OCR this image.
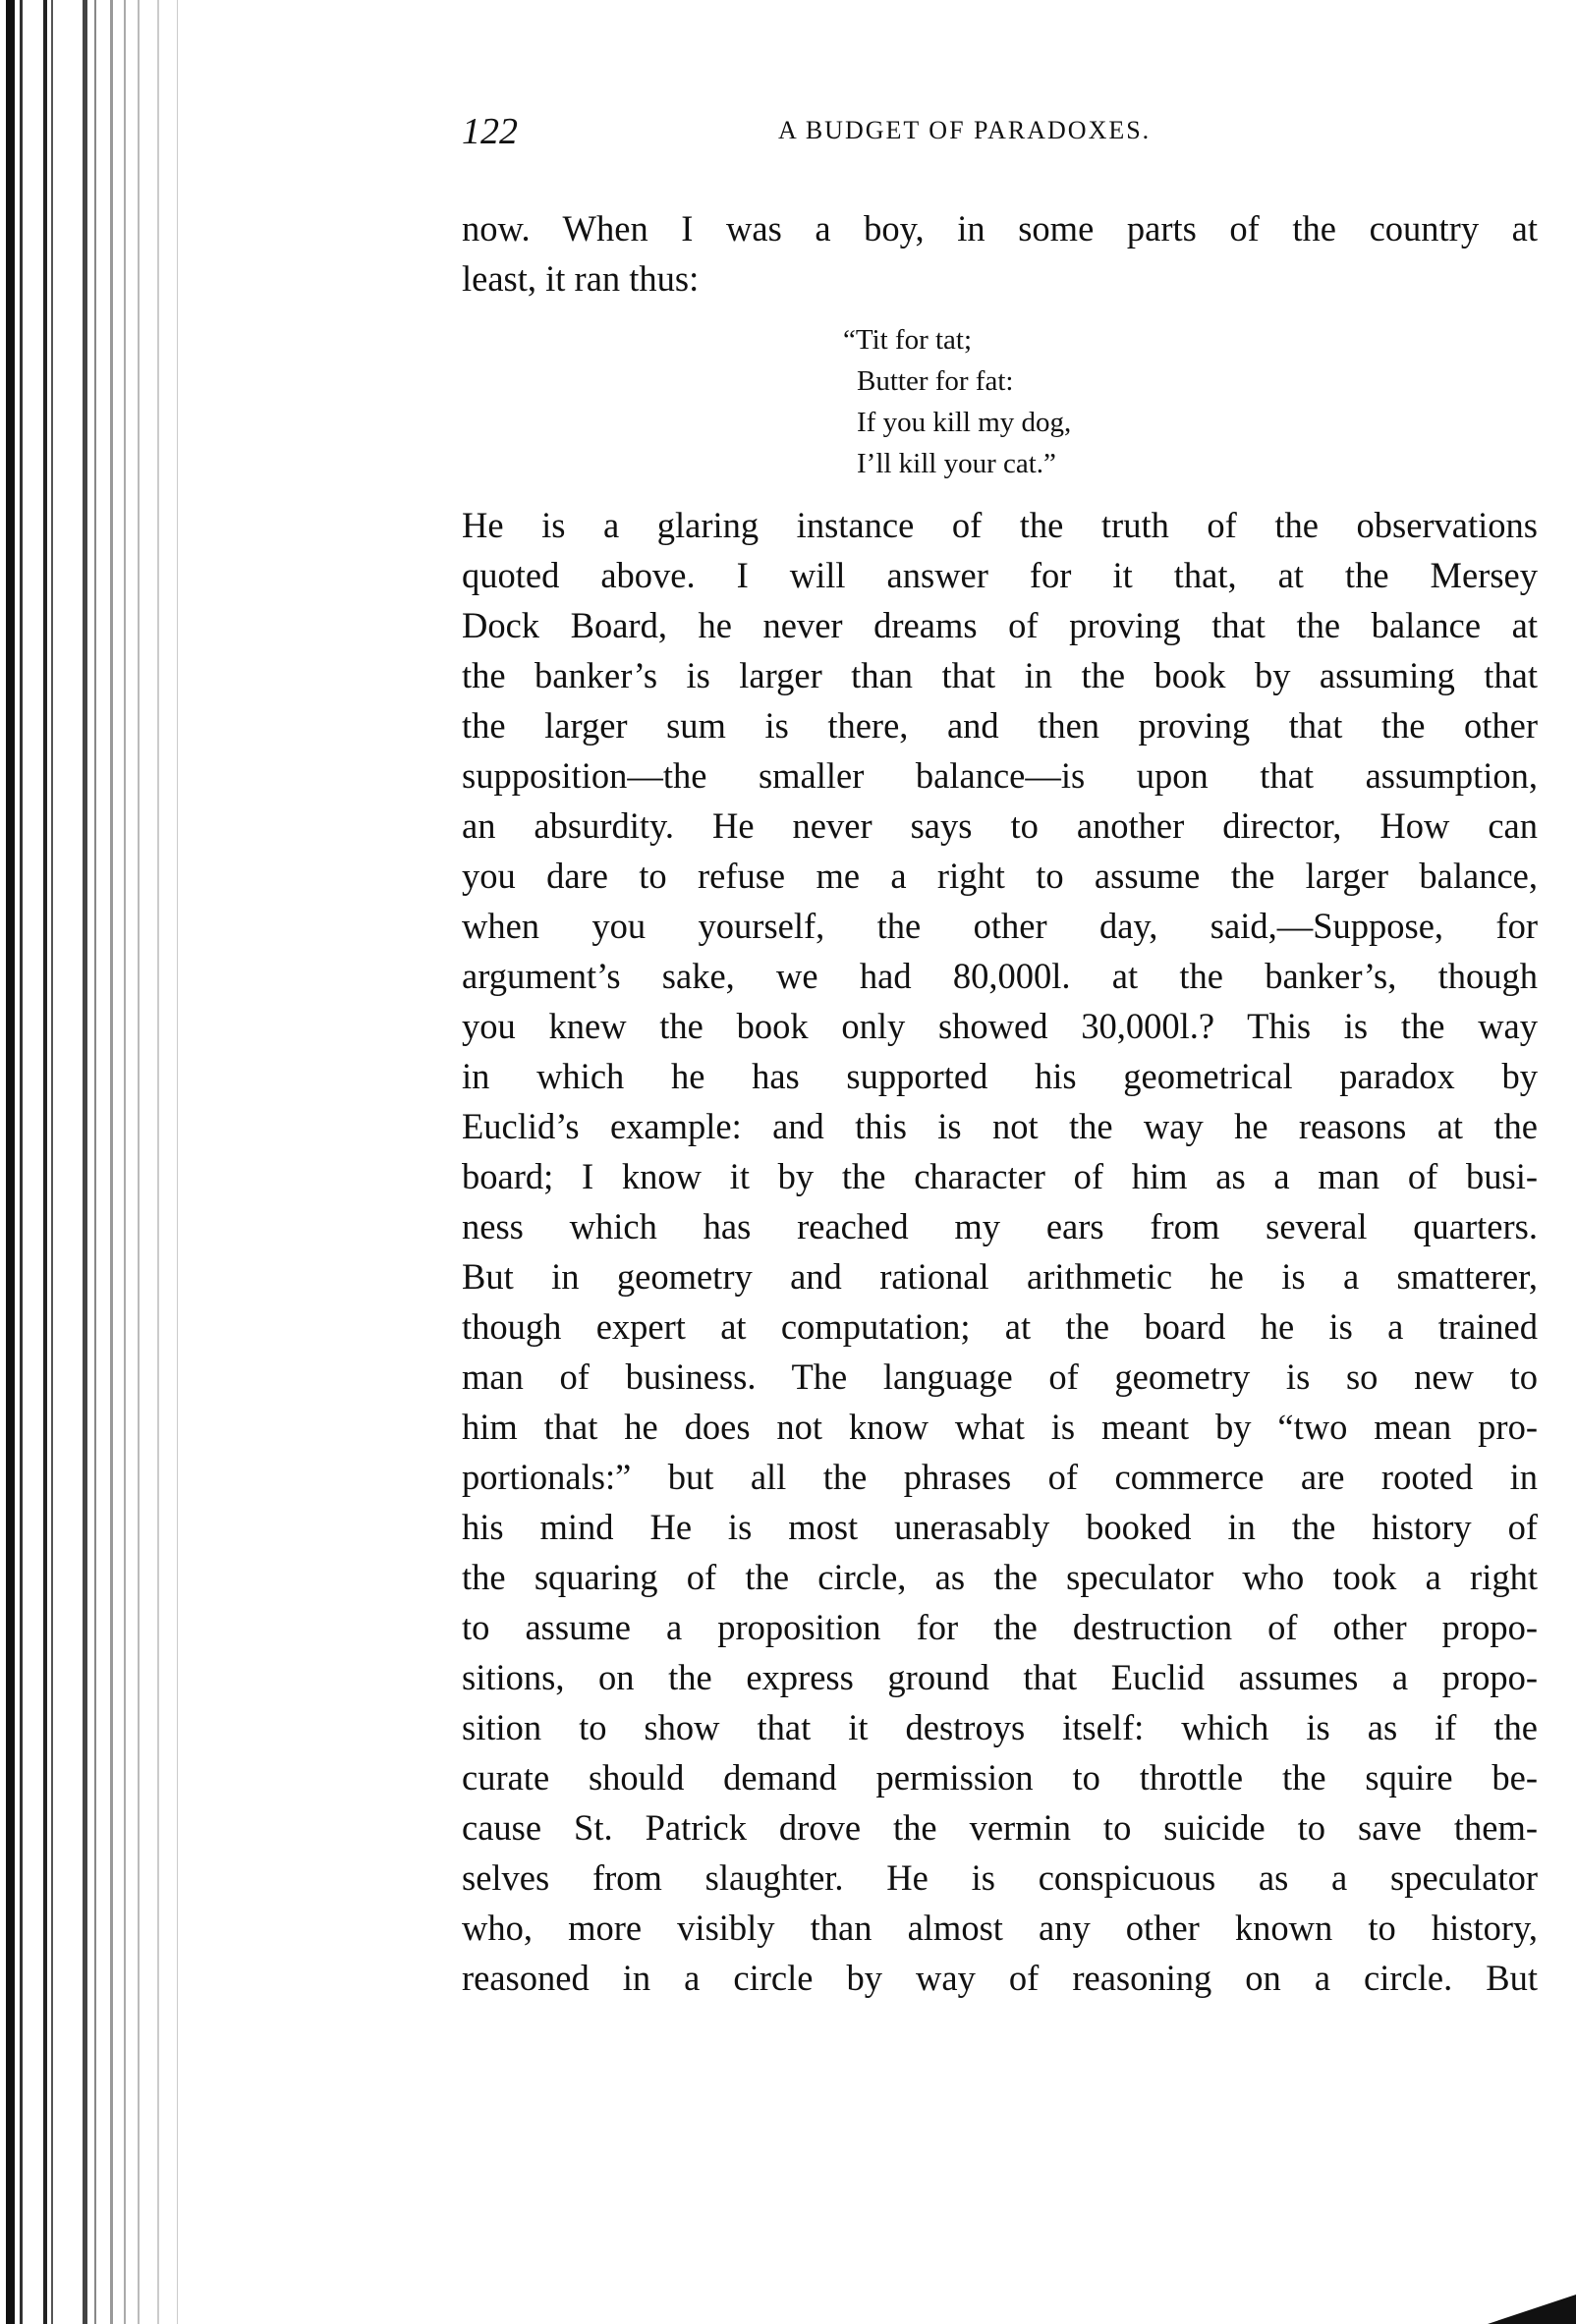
122	A BUDGET OF PARADOXES.
now. When I was a boy, in some parts of the country at
least, it ran thus:
“Tit for tat;
Butter for fat:
If you kill my dog,
I’ll kill your cat.”
He is a glaring instance of the truth of the observations
quoted above. I will answer for it that, at the Mersey
Dock Board, he never dreams of proving that the balance at
the banker’s is larger than that in the book by assuming that
the larger sum is there, and then proving that the other
supposition—the smaller balance—is upon that assumption,
an absurdity. He never says to another director, How can
you dare to refuse me a right to assume the larger balance,
when you yourself, the other day, said,—Suppose, for
argument’s sake, we had 80,000l. at the banker’s, though
you knew the book only showed 30,000l.? This is the way
in which he has supported his geometrical paradox by
Euclid’s example: and this is not the way he reasons at the
board; I know it by the character of him as a man of busi-
ness which has reached my ears from several quarters.
But in geometry and rational arithmetic he is a smatterer,
though expert at computation; at the board he is a trained
man of business. The language of geometry is so new to
him that he does not know what is meant by “two mean pro-
portionals:” but all the phrases of commerce are rooted in
his mind He is most unerasably booked in the history of
the squaring of the circle, as the speculator who took a right
to assume a proposition for the destruction of other propo-
sitions, on the express ground that Euclid assumes a propo-
sition to show that it destroys itself: which is as if the
curate should demand permission to throttle the squire be-
cause St. Patrick drove the vermin to suicide to save them-
selves from slaughter. He is conspicuous as a speculator
who, more visibly than almost any other known to history,
reasoned in a circle by way of reasoning on a circle. But
